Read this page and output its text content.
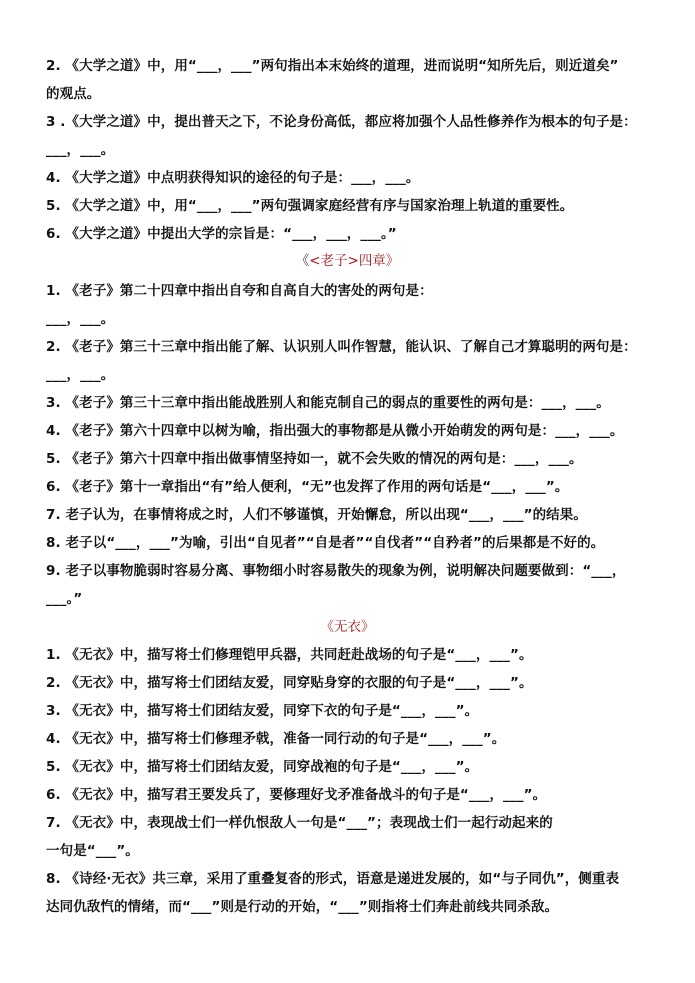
2. 《大学之道》中，用“___，___”两句指出本末始终的道理，进而说明“知所先后，则近道矣”
的观点。
3 .《大学之道》中，提出普天之下，不论身份高低，都应将加强个人品性修养作为根本的句子是：
___，___。
4. 《大学之道》中点明获得知识的途径的句子是：___，___。
5. 《大学之道》中，用“___，___”两句强调家庭经营有序与国家治理上轨道的重要性。
6. 《大学之道》中提出大学的宗旨是：“___，___，___。”
《<老子>四章》
1. 《老子》第二十四章中指出自夸和自高自大的害处的两句是：
___，___。
2. 《老子》第三十三章中指出能了解、认识别人叫作智慧，能认识、了解自己才算聪明的两句是：
___，___。
3. 《老子》第三十三章中指出能战胜别人和能克制自己的弱点的重要性的两句是：___，___。
4. 《老子》第六十四章中以树为喻，指出强大的事物都是从微小开始萌发的两句是：___，___。
5. 《老子》第六十四章中指出做事情坚持如一，就不会失败的情况的两句是：___，___。
6. 《老子》第十一章指出“有”给人便利，“无”也发挥了作用的两句话是“___，___”。
7. 老子认为，在事情将成之时，人们不够谨慎，开始懈怠，所以出现“___，___”的结果。
8. 老子以“___，___”为喻，引出“自见者”“自是者”“自伐者”“自矜者”的后果都是不好的。
9. 老子以事物脆弱时容易分离、事物细小时容易散失的现象为例，说明解决问题要做到：“___，
___。”
《无衣》
1. 《无衣》中，描写将士们修理铠甲兵器，共同赶赴战场的句子是“___，___”。
2. 《无衣》中，描写将士们团结友爱，同穿贴身穿的衣服的句子是“___，___”。
3. 《无衣》中，描写将士们团结友爱，同穿下衣的句子是“___，___”。
4. 《无衣》中，描写将士们修理矛戟，准备一同行动的句子是“___，___”。
5. 《无衣》中，描写将士们团结友爱，同穿战袍的句子是“___，___”。
6. 《无衣》中，描写君王要发兵了，要修理好戈矛准备战斗的句子是“___，___”。
7. 《无衣》中，表现战士们一样仇恨敌人一句是“___”；表现战士们一起行动起来的
一句是“___”。
8. 《诗经·无衣》共三章，采用了重叠复沓的形式，语意是递进发展的，如“与子同仇”，侧重表
达同仇敌忾的情绪，而“___”则是行动的开始，“___”则指将士们奔赴前线共同杀敌。
